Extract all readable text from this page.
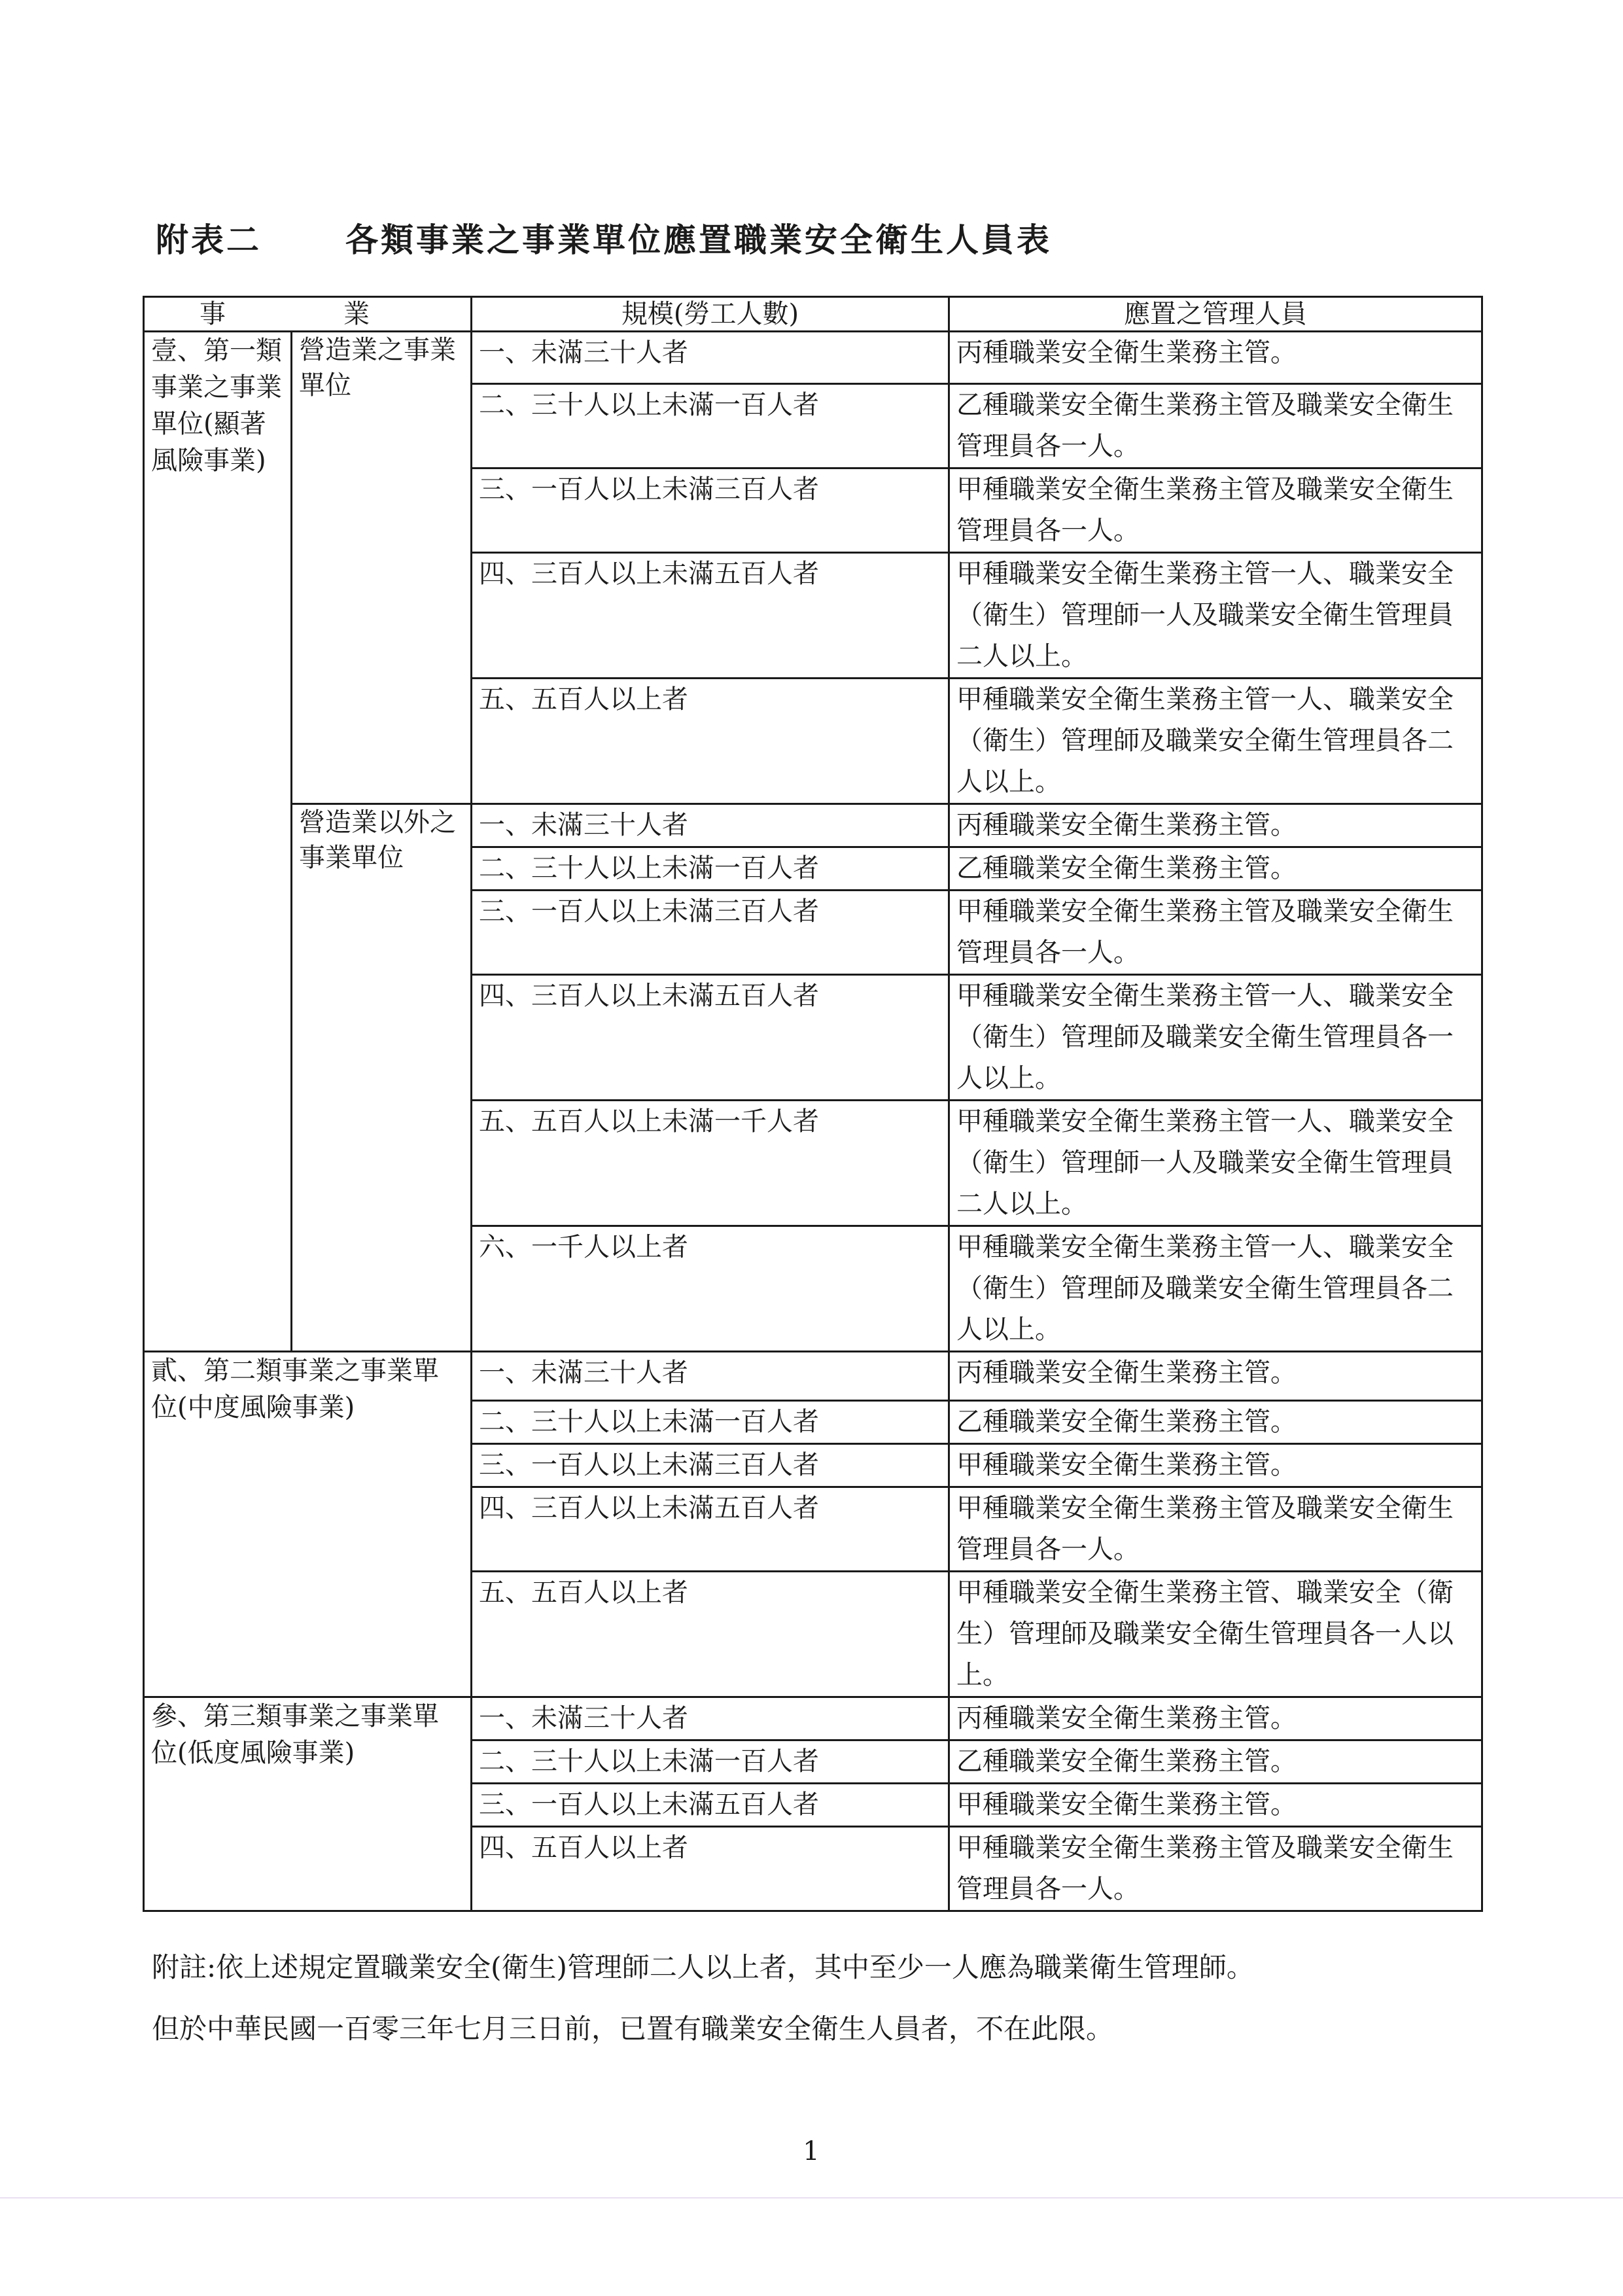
附表二	各類事業之事業單位應置職業安全衛生人員表
事　業		規模(勞工人數)	應置之管理人員
壹、第一類事業之事業單位(顯著風險事業)	營造業之事業單位	一、未滿三十人者	丙種職業安全衛生業務主管。
		二、三十人以上未滿一百人者	乙種職業安全衛生業務主管及職業安全衛生管理員各一人。
		三、一百人以上未滿三百人者	甲種職業安全衛生業務主管及職業安全衛生管理員各一人。
		四、三百人以上未滿五百人者	甲種職業安全衛生業務主管一人、職業安全（衛生）管理師一人及職業安全衛生管理員二人以上。
		五、五百人以上者	甲種職業安全衛生業務主管一人、職業安全（衛生）管理師及職業安全衛生管理員各二人以上。
	營造業以外之事業單位	一、未滿三十人者	丙種職業安全衛生業務主管。
		二、三十人以上未滿一百人者	乙種職業安全衛生業務主管。
		三、一百人以上未滿三百人者	甲種職業安全衛生業務主管及職業安全衛生管理員各一人。
		四、三百人以上未滿五百人者	甲種職業安全衛生業務主管一人、職業安全（衛生）管理師及職業安全衛生管理員各一人以上。
		五、五百人以上未滿一千人者	甲種職業安全衛生業務主管一人、職業安全（衛生）管理師一人及職業安全衛生管理員二人以上。
		六、一千人以上者	甲種職業安全衛生業務主管一人、職業安全（衛生）管理師及職業安全衛生管理員各二人以上。
貳、第二類事業之事業單位(中度風險事業)		一、未滿三十人者	丙種職業安全衛生業務主管。
		二、三十人以上未滿一百人者	乙種職業安全衛生業務主管。
		三、一百人以上未滿三百人者	甲種職業安全衛生業務主管。
		四、三百人以上未滿五百人者	甲種職業安全衛生業務主管及職業安全衛生管理員各一人。
		五、五百人以上者	甲種職業安全衛生業務主管、職業安全（衛生）管理師及職業安全衛生管理員各一人以上。
參、第三類事業之事業單位(低度風險事業)		一、未滿三十人者	丙種職業安全衛生業務主管。
		二、三十人以上未滿一百人者	乙種職業安全衛生業務主管。
		三、一百人以上未滿五百人者	甲種職業安全衛生業務主管。
		四、五百人以上者	甲種職業安全衛生業務主管及職業安全衛生管理員各一人。
附註:依上述規定置職業安全(衛生)管理師二人以上者，其中至少一人應為職業衛生管理師。
但於中華民國一百零三年七月三日前，已置有職業安全衛生人員者，不在此限。
1
